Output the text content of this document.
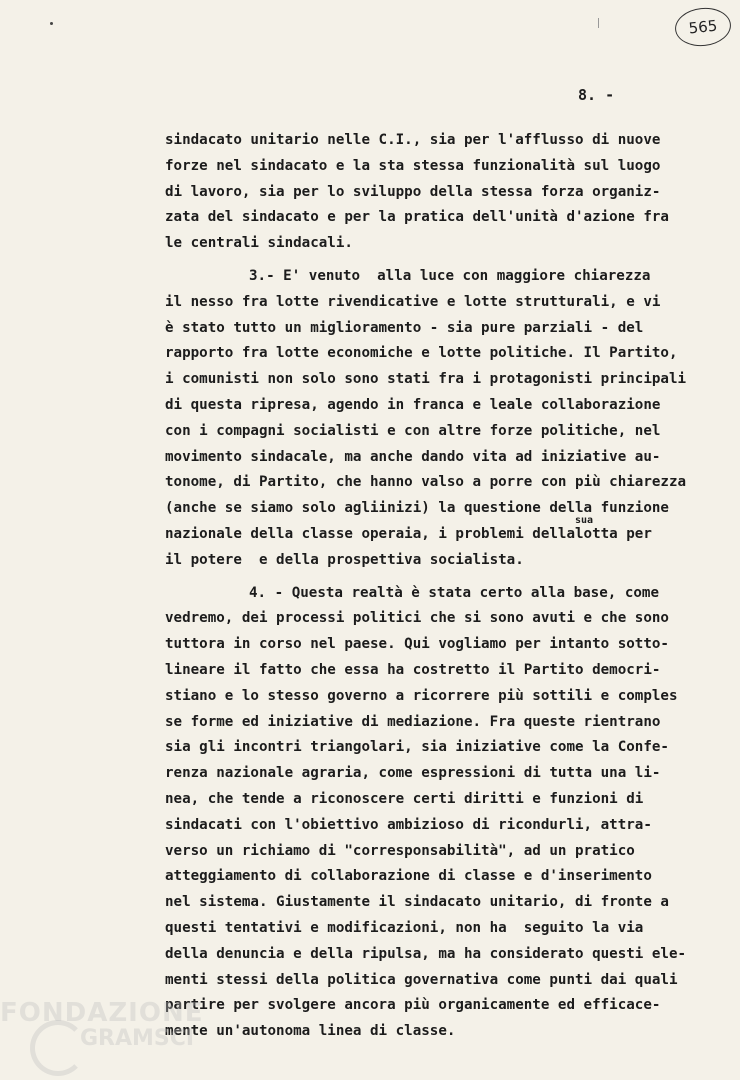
565
8. -
sindacato unitario nelle C.I., sia per l'afflusso di nuove
forze nel sindacato e la sta stessa funzionalità sul luogo
di lavoro, sia per lo sviluppo della stessa forza organiz-
zata del sindacato e per la pratica dell'unità d'azione fra
le centrali sindacali.
3.- E' venuto  alla luce con maggiore chiarezza
il nesso fra lotte rivendicative e lotte strutturali, e vi
è stato tutto un miglioramento - sia pure parziali - del
rapporto fra lotte economiche e lotte politiche. Il Partito,
i comunisti non solo sono stati fra i protagonisti principali
di questa ripresa, agendo in franca e leale collaborazione
con i compagni socialisti e con altre forze politiche, nel
movimento sindacale, ma anche dando vita ad iniziative au-
tonome, di Partito, che hanno valso a porre con più chiarezza
(anche se siamo solo agliinizi) la questione della funzione
nazionale della classe operaia, i problemi della
sua
lotta per
il potere  e della prospettiva socialista.
4. - Questa realtà è stata certo alla base, come
vedremo, dei processi politici che si sono avuti e che sono
tuttora in corso nel paese. Qui vogliamo per intanto sotto-
lineare il fatto che essa ha costretto il Partito democri-
stiano e lo stesso governo a ricorrere più sottili e comples
se forme ed iniziative di mediazione. Fra queste rientrano
sia gli incontri triangolari, sia iniziative come la Confe-
renza nazionale agraria, come espressioni di tutta una li-
nea, che tende a riconoscere certi diritti e funzioni di
sindacati con l'obiettivo ambizioso di ricondurli, attra-
verso un richiamo di "corresponsabilità", ad un pratico
atteggiamento di collaborazione di classe e d'inserimento
nel sistema. Giustamente il sindacato unitario, di fronte a
questi tentativi e modificazioni, non ha  seguito la via
della denuncia e della ripulsa, ma ha considerato questi ele-
menti stessi della politica governativa come punti dai quali
partire per svolgere ancora più organicamente ed efficace-
mente un'autonoma linea di classe.
FONDAZIONE
GRAMSCI
